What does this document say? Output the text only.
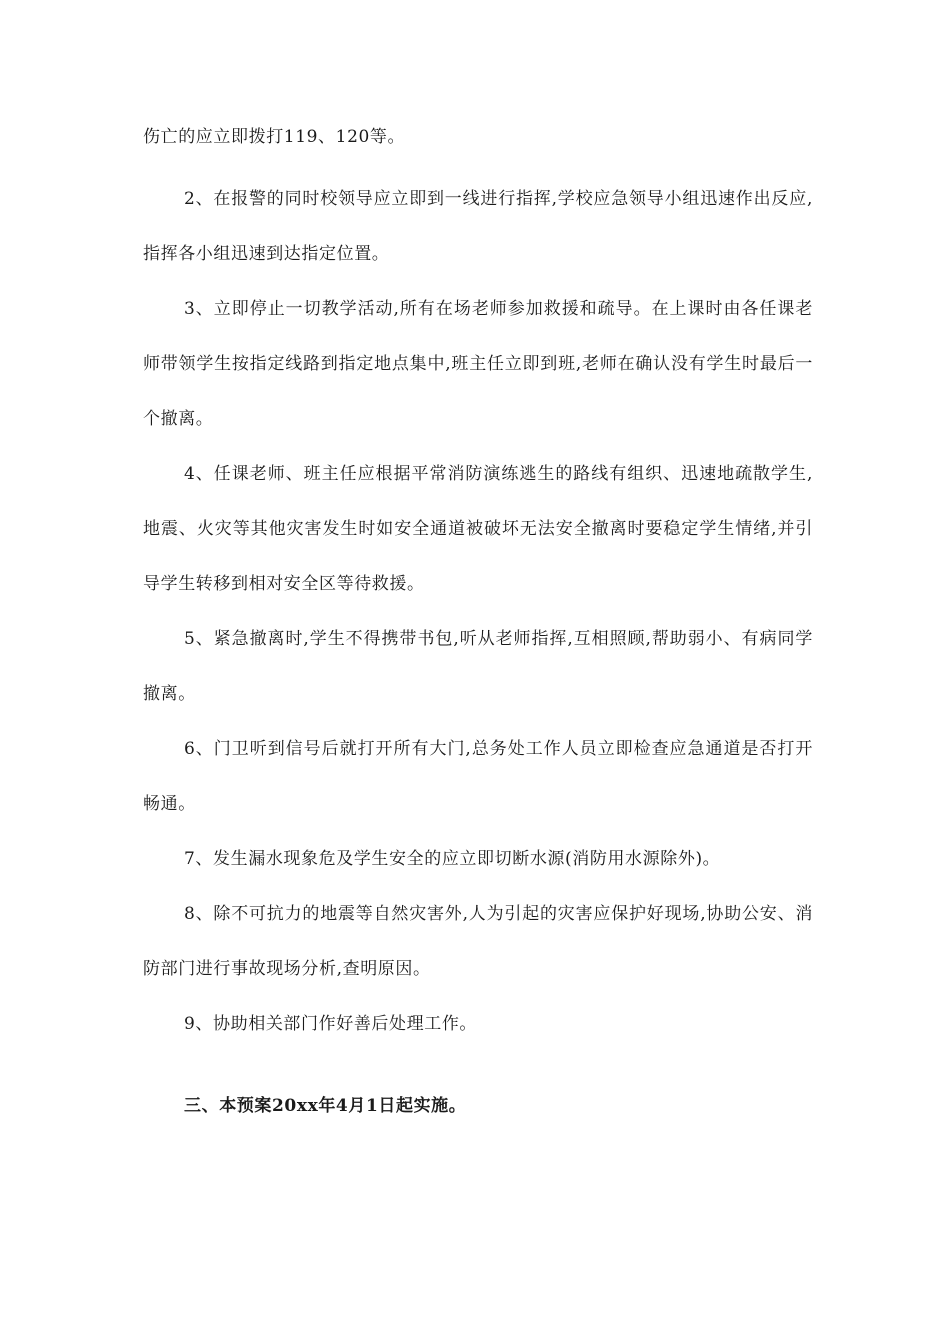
伤亡的应立即拨打119、120等。

2、在报警的同时校领导应立即到一线进行指挥,学校应急领导小组迅速作出反应,指挥各小组迅速到达指定位置。

3、立即停止一切教学活动,所有在场老师参加救援和疏导。在上课时由各任课老师带领学生按指定线路到指定地点集中,班主任立即到班,老师在确认没有学生时最后一个撤离。

4、任课老师、班主任应根据平常消防演练逃生的路线有组织、迅速地疏散学生,地震、火灾等其他灾害发生时如安全通道被破坏无法安全撤离时要稳定学生情绪,并引导学生转移到相对安全区等待救援。

5、紧急撤离时,学生不得携带书包,听从老师指挥,互相照顾,帮助弱小、有病同学撤离。

6、门卫听到信号后就打开所有大门,总务处工作人员立即检查应急通道是否打开畅通。

7、发生漏水现象危及学生安全的应立即切断水源(消防用水源除外)。

8、除不可抗力的地震等自然灾害外,人为引起的灾害应保护好现场,协助公安、消防部门进行事故现场分析,查明原因。

9、协助相关部门作好善后处理工作。

三、本预案20xx年4月1日起实施。
